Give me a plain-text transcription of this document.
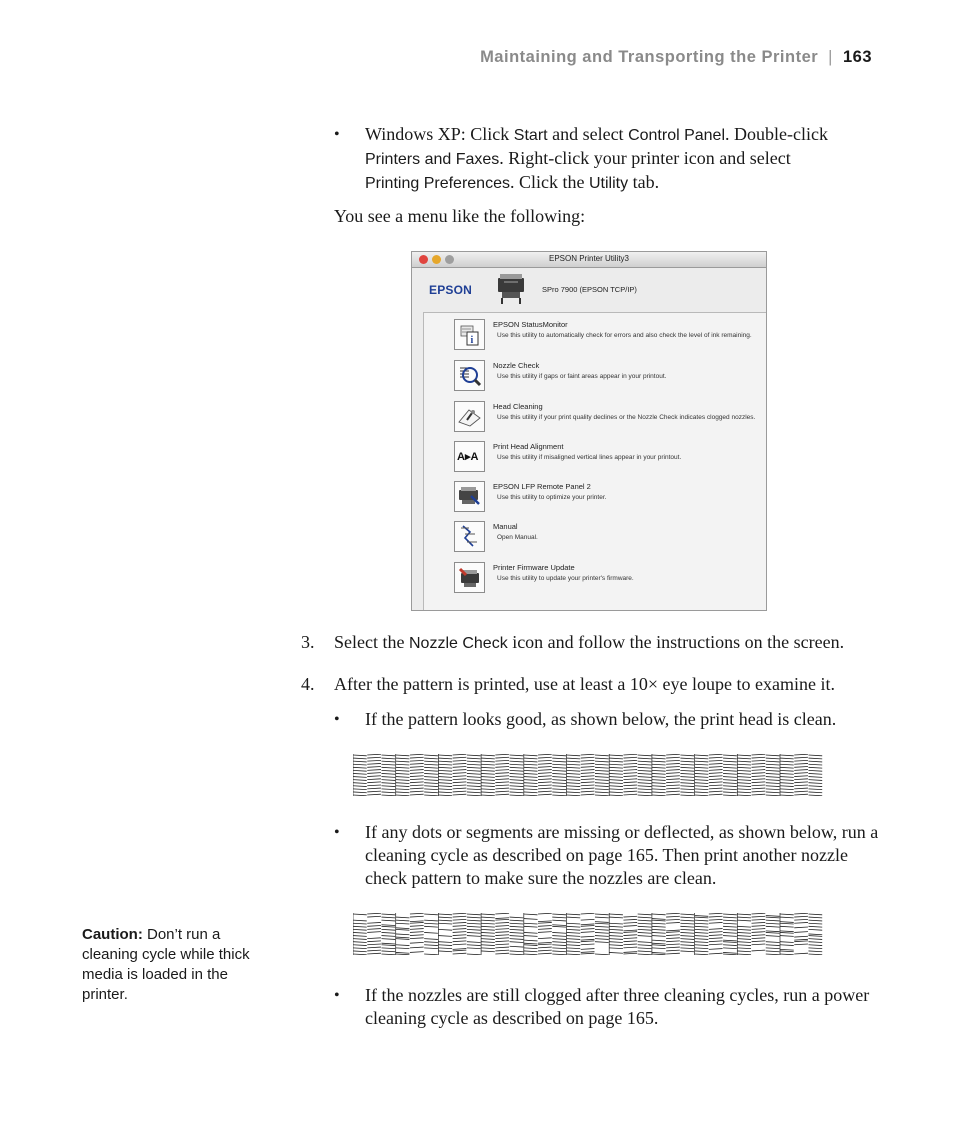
Maintaining and Transporting the Printer | 163
•	Windows XP: Click Start and select Control Panel. Double-click
Printers and Faxes. Right-click your printer icon and select
Printing Preferences. Click the Utility tab.
You see a menu like the following:
EPSON Printer Utility3
EPSON	SPro 7900 (EPSON TCP/IP)
i
EPSON StatusMonitor
Use this utility to automatically check for errors and also check the level of ink remaining.
Nozzle Check
Use this utility if gaps or faint areas appear in your printout.
Head Cleaning
Use this utility if your print quality declines or the Nozzle Check indicates clogged nozzles.
A▸A
Print Head Alignment
Use this utility if misaligned vertical lines appear in your printout.
EPSON LFP Remote Panel 2
Use this utility to optimize your printer.
Manual
Open Manual.
Printer Firmware Update
Use this utility to update your printer's firmware.
3. Select the Nozzle Check icon and follow the instructions on the screen.
4. After the pattern is printed, use at least a 10× eye loupe to examine it.
•	If the pattern looks good, as shown below, the print head is clean.
•	If any dots or segments are missing or deflected, as shown below, run a cleaning cycle as described on page 165. Then print another nozzle check pattern to make sure the nozzles are clean.
Caution: Don’t run a cleaning cycle while thick media is loaded in the printer.	•	If the nozzles are still clogged after three cleaning cycles, run a power cleaning cycle as described on page 165.
